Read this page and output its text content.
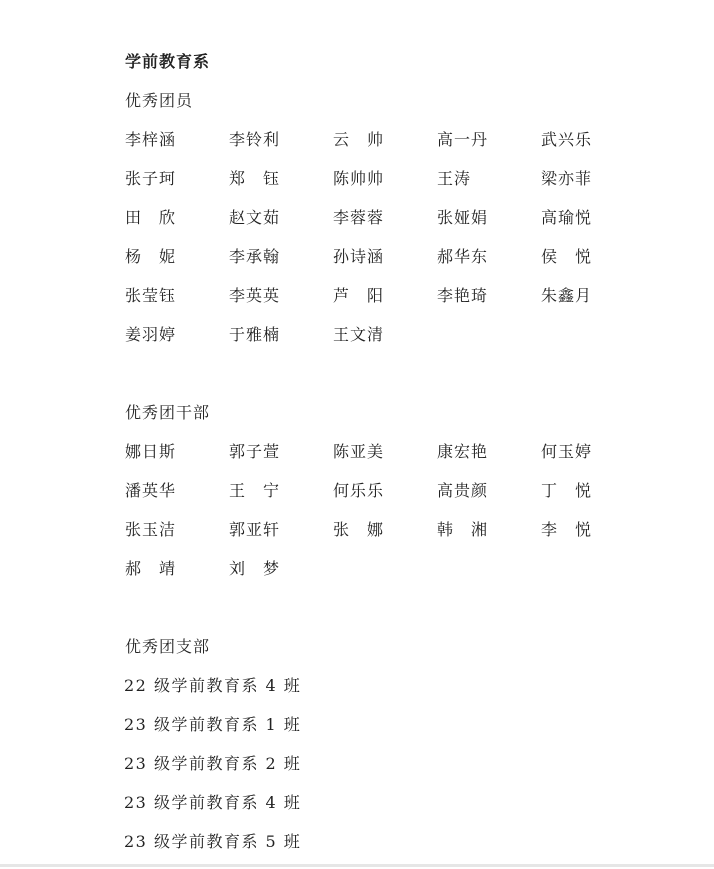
学前教育系
优秀团员
李梓涵	李铃利	云　帅	高一丹	武兴乐
张子珂	郑　钰	陈帅帅	王涛	梁亦菲
田　欣	赵文茹	李蓉蓉	张娅娟	高瑜悦
杨　妮	李承翰	孙诗涵	郝华东	侯　悦
张莹钰	李英英	芦　阳	李艳琦	朱鑫月
姜羽婷	于雅楠	王文清
优秀团干部
娜日斯	郭子萱	陈亚美	康宏艳	何玉婷
潘英华	王　宁	何乐乐	高贵颜	丁　悦
张玉洁	郭亚轩	张　娜	韩　湘	李　悦
郝　靖	刘　梦
优秀团支部
22 级学前教育系 4 班
23 级学前教育系 1 班
23 级学前教育系 2 班
23 级学前教育系 4 班
23 级学前教育系 5 班
